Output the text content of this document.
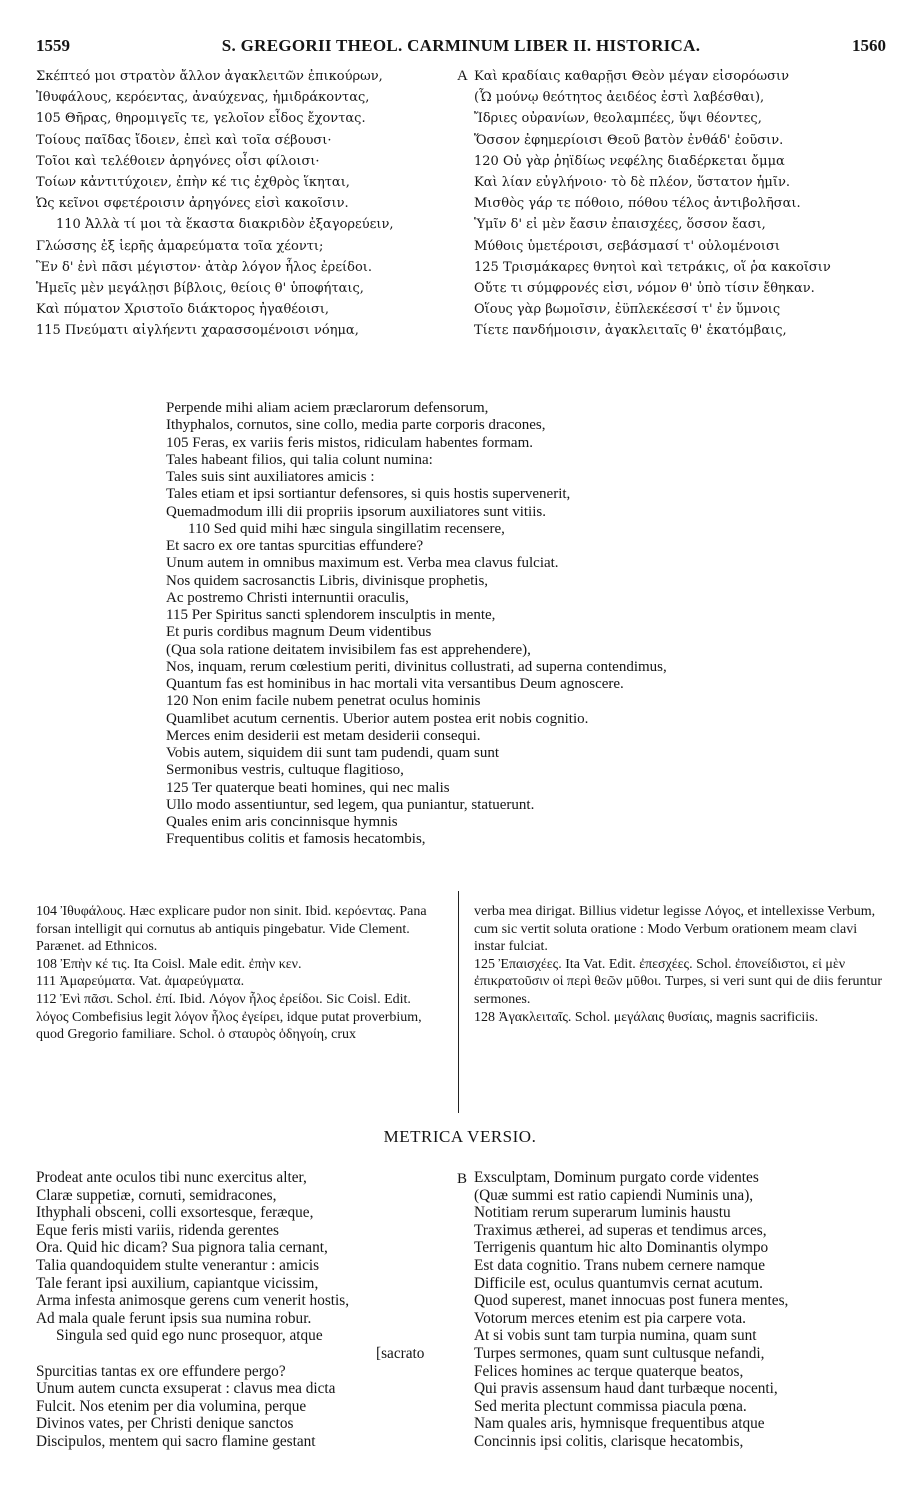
1559	S. GREGORII THEOL. CARMINUM LIBER II. HISTORICA.	1560
Σκέπτεό μοι στρατὸν ἄλλον ἀγακλειτῶν ἐπικούρων,
Ἰθυφάλους, κερόεντας, ἀναύχενας, ἡμιδράκοντας,
105 Θῆρας, θηρομιγεῖς τε, γελοῖον εἶδος ἔχοντας.
Τοίους παῖδας ἴδοιεν, ἐπεὶ καὶ τοῖα σέβουσι·
Τοῖοι καὶ τελέθοιεν ἀρηγόνες οἷσι φίλοισι·
Τοίων κἀντιτύχοιεν, ἐπὴν κέ τις ἐχθρὸς ἵκηται,
Ὡς κεῖνοι σφετέροισιν ἀρηγόνες εἰσὶ κακοῖσιν.
110 Ἀλλὰ τί μοι τὰ ἕκαστα διακριδὸν ἐξαγορεύειν,
Γλώσσης ἐξ ἱερῆς ἀμαρεύματα τοῖα χέοντι;
Ἓν δ' ἐνὶ πᾶσι μέγιστον· ἀτὰρ λόγον ἧλος ἐρείδοι.
Ἡμεῖς μὲν μεγάλῃσι βίβλοις, θείοις θ' ὑποφήταις,
Καὶ πύματον Χριστοῖο διάκτορος ἠγαθέοισι,
115 Πνεύματι αἰγλήεντι χαρασσομένοισι νόημα,
A Καὶ κραδίαις καθαρῇσι Θεὸν μέγαν εἰσορόωσιν
(Ὧ μούνῳ θεότητος ἀειδέος ἐστὶ λαβέσθαι),
Ἴδριες οὐρανίων, θεολαμπέες, ὕψι θέοντες,
Ὅσσον ἐφημερίοισι Θεοῦ βατὸν ἐνθάδ' ἐοῦσιν.
120 Οὐ γὰρ ῥηϊδίως νεφέλης διαδέρκεται ὄμμα
Καὶ λίαν εὐγλήνοιο· τὸ δὲ πλέον, ὕστατον ἡμῖν.
Μισθὸς γάρ τε πόθοιο, πόθου τέλος ἀντιβολῆσαι.
Ὑμῖν δ' εἰ μὲν ἔασιν ἐπαισχέες, ὅσσον ἔασι,
Μύθοις ὑμετέροισι, σεβάσμασί τ' οὐλομένοισι
125 Τρισμάκαρες θνητοὶ καὶ τετράκις, οἵ ῥα κακοῖσιν
Οὔτε τι σύμφρονές εἰσι, νόμον θ' ὑπὸ τίσιν ἔθηκαν.
Οἵους γὰρ βωμοῖσιν, ἐϋπλεκέεσσί τ' ἐν ὕμνοις
Τίετε πανδήμοισιν, ἀγακλειταῖς θ' ἑκατόμβαις,
Perpende mihi aliam aciem præclarorum defensorum,
Ithyphalos, cornutos, sine collo, media parte corporis dracones,
105 Feras, ex variis feris mistos, ridiculam habentes formam.
Tales habeant filios, qui talia colunt numina:
Tales suis sint auxiliatores amicis :
Tales etiam et ipsi sortiantur defensores, si quis hostis supervenerit,
Quemadmodum illi dii propriis ipsorum auxiliatores sunt vitiis.
110 Sed quid mihi hæc singula singillatim recensere,
Et sacro ex ore tantas spurcitias effundere?
Unum autem in omnibus maximum est. Verba mea clavus fulciat.
Nos quidem sacrosanctis Libris, divinisque prophetis,
Ac postremo Christi internuntii oraculis,
115 Per Spiritus sancti splendorem insculptis in mente,
Et puris cordibus magnum Deum videntibus
(Qua sola ratione deitatem invisibilem fas est apprehendere),
Nos, inquam, rerum cœlestium periti, divinitus collustrati, ad superna contendimus,
Quantum fas est hominibus in hac mortali vita versantibus Deum agnoscere.
120 Non enim facile nubem penetrat oculus hominis
Quamlibet acutum cernentis. Uberior autem postea erit nobis cognitio.
Merces enim desiderii est metam desiderii consequi.
Vobis autem, siquidem dii sunt tam pudendi, quam sunt
Sermonibus vestris, cultuque flagitioso,
125 Ter quaterque beati homines, qui nec malis
Ullo modo assentiuntur, sed legem, qua puniantur, statuerunt.
Quales enim aris concinnisque hymnis
Frequentibus colitis et famosis hecatombis,

104 Ἰθυφάλους. Hæc explicare pudor non sinit. Ibid. κερόεντας. Pana forsan intelligit qui cornutus ab antiquis pingebatur. Vide Clement. Parænet. ad Ethnicos.

108 Ἐπὴν κέ τις. Ita Coisl. Male edit. ἐπὴν κεν.

111 Ἀμαρεύματα. Vat. ἀμαρεύγματα.

112 Ἐνὶ πᾶσι. Schol. ἐπί. Ibid. Λόγον ἧλος ἐρείδοι. Sic Coisl. Edit. λόγος Combefisius legit λόγον ἧλος ἐγείρει, idque putat proverbium, quod Gregorio familiare. Schol. ὁ σταυρὸς ὁδηγοίη, crux

verba mea dirigat. Billius videtur legisse Λόγος, et intellexisse Verbum, cum sic vertit soluta oratione : Modo Verbum orationem meam clavi instar fulciat.

125 Ἐπαισχέες. Ita Vat. Edit. ἐπεσχέες. Schol. ἐπονείδιστοι, εἰ μὲν ἐπικρατοῦσιν οἱ περὶ θεῶν μῦθοι. Turpes, si veri sunt qui de diis feruntur sermones.

128 Ἀγακλειταῖς. Schol. μεγάλαις θυσίαις, magnis sacrificiis.

METRICA VERSIO.
Prodeat ante oculos tibi nunc exercitus alter,
Claræ suppetiæ, cornuti, semidracones,
Ithyphali obsceni, colli exsortesque, feræque,
Eque feris misti variis, ridenda gerentes
Ora. Quid hic dicam? Sua pignora talia cernant,
Talia quandoquidem stulte venerantur : amicis
Tale ferant ipsi auxilium, capiantque vicissim,
Arma infesta animosque gerens cum venerit hostis,
Ad mala quale ferunt ipsis sua numina robur.
Singula sed quid ego nunc prosequor, atque
[sacrato
Spurcitias tantas ex ore effundere pergo?
Unum autem cuncta exsuperat : clavus mea dicta
Fulcit. Nos etenim per dia volumina, perque
Divinos vates, per Christi denique sanctos
Discipulos, mentem qui sacro flamine gestant
B Exsculptam, Dominum purgato corde videntes
(Quæ summi est ratio capiendi Numinis una),
Notitiam rerum superarum luminis haustu
Traximus ætherei, ad superas et tendimus arces,
Terrigenis quantum hic alto Dominantis olympo
Est data cognitio. Trans nubem cernere namque
Difficile est, oculus quantumvis cernat acutum.
Quod superest, manet innocuas post funera mentes,
Votorum merces etenim est pia carpere vota.
At si vobis sunt tam turpia numina, quam sunt
Turpes sermones, quam sunt cultusque nefandi,
Felices homines ac terque quaterque beatos,
Qui pravis assensum haud dant turbæque nocenti,
Sed merita plectunt commissa piacula pœna.
Nam quales aris, hymnisque frequentibus atque
Concinnis ipsi colitis, clarisque hecatombis,
